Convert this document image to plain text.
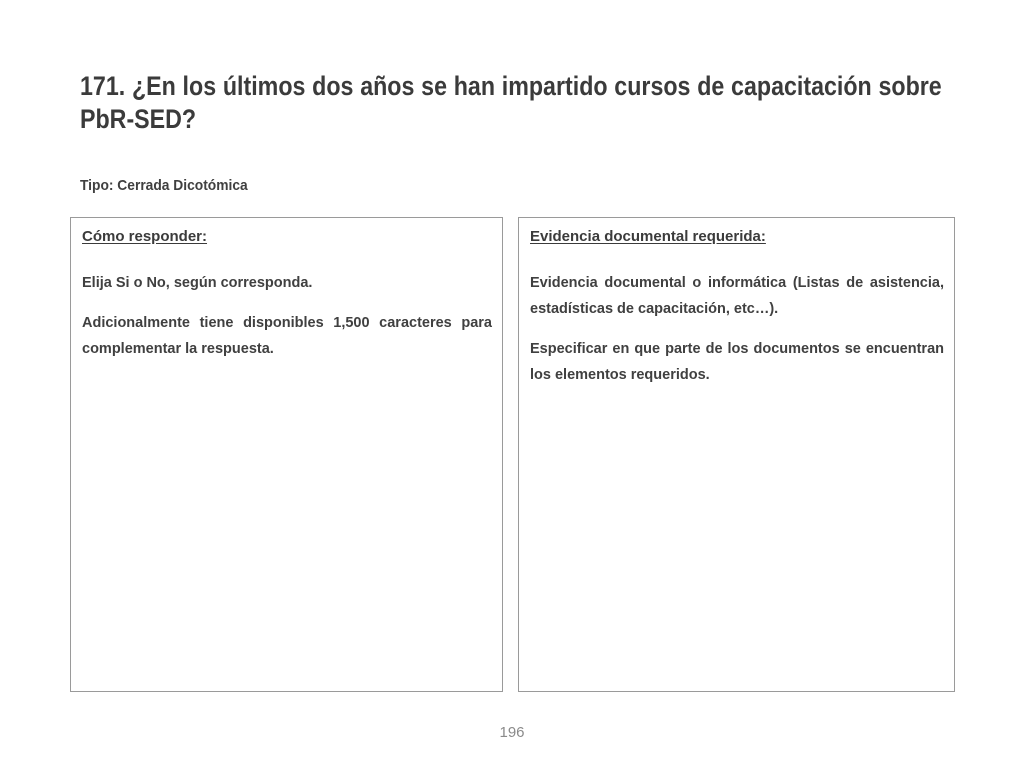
171. ¿En los últimos dos años se han impartido cursos de capacitación sobre PbR-SED?

Tipo: Cerrada Dicotómica

Cómo responder:

Elija Si o No, según corresponda.

Adicionalmente tiene disponibles 1,500 caracteres para complementar la respuesta.

Evidencia documental requerida:

Evidencia documental o informática (Listas de asistencia, estadísticas de capacitación, etc…).

Especificar en que parte de los documentos se encuentran los elementos requeridos.

196
